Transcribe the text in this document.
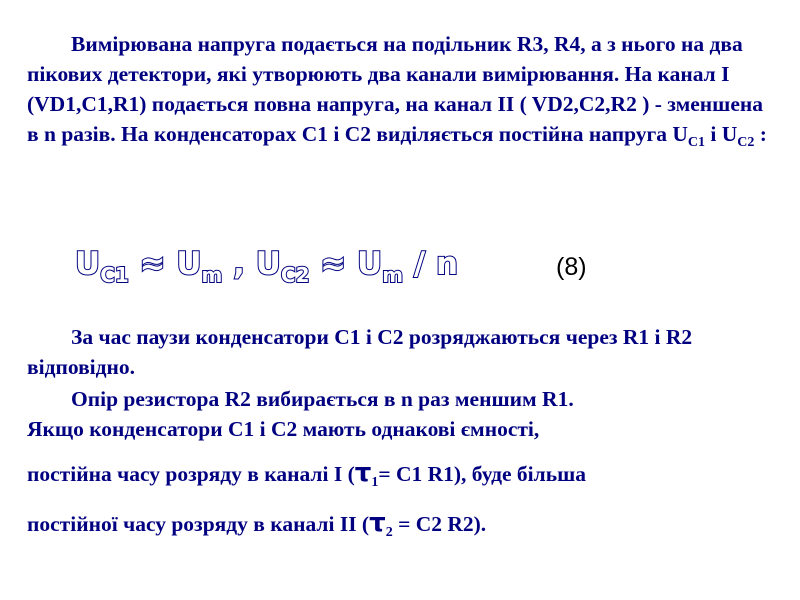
Вимірювана напруга подається на подільник R3, R4, а з нього на два пікових детектори, які утворюють два канали вимірювання. На канал I (VD1,C1,R1) подається повна напруга, на канал II ( VD2,C2,R2 ) - зменшена в n разів. На конденсаторах C1 і C2 виділяється постійна напруга $U_{C1}$ і $U_{C2}$ :
$U_{C1} \approx U_m$ , $U_{C2} \approx U_m / n$	(8)
За час паузи конденсатори C1 і C2 розряджаються через R1 і R2 відповідно.
Опір резистора R2 вибирається в n раз меншим R1.
Якщо конденсатори C1 і C2 мають однакові ємності,
постійна часу розряду в каналі I ($\tau_1= C1$ R1), буде більша
постійної часу розряду в каналі II ($\tau_2 = C2$ R2).
